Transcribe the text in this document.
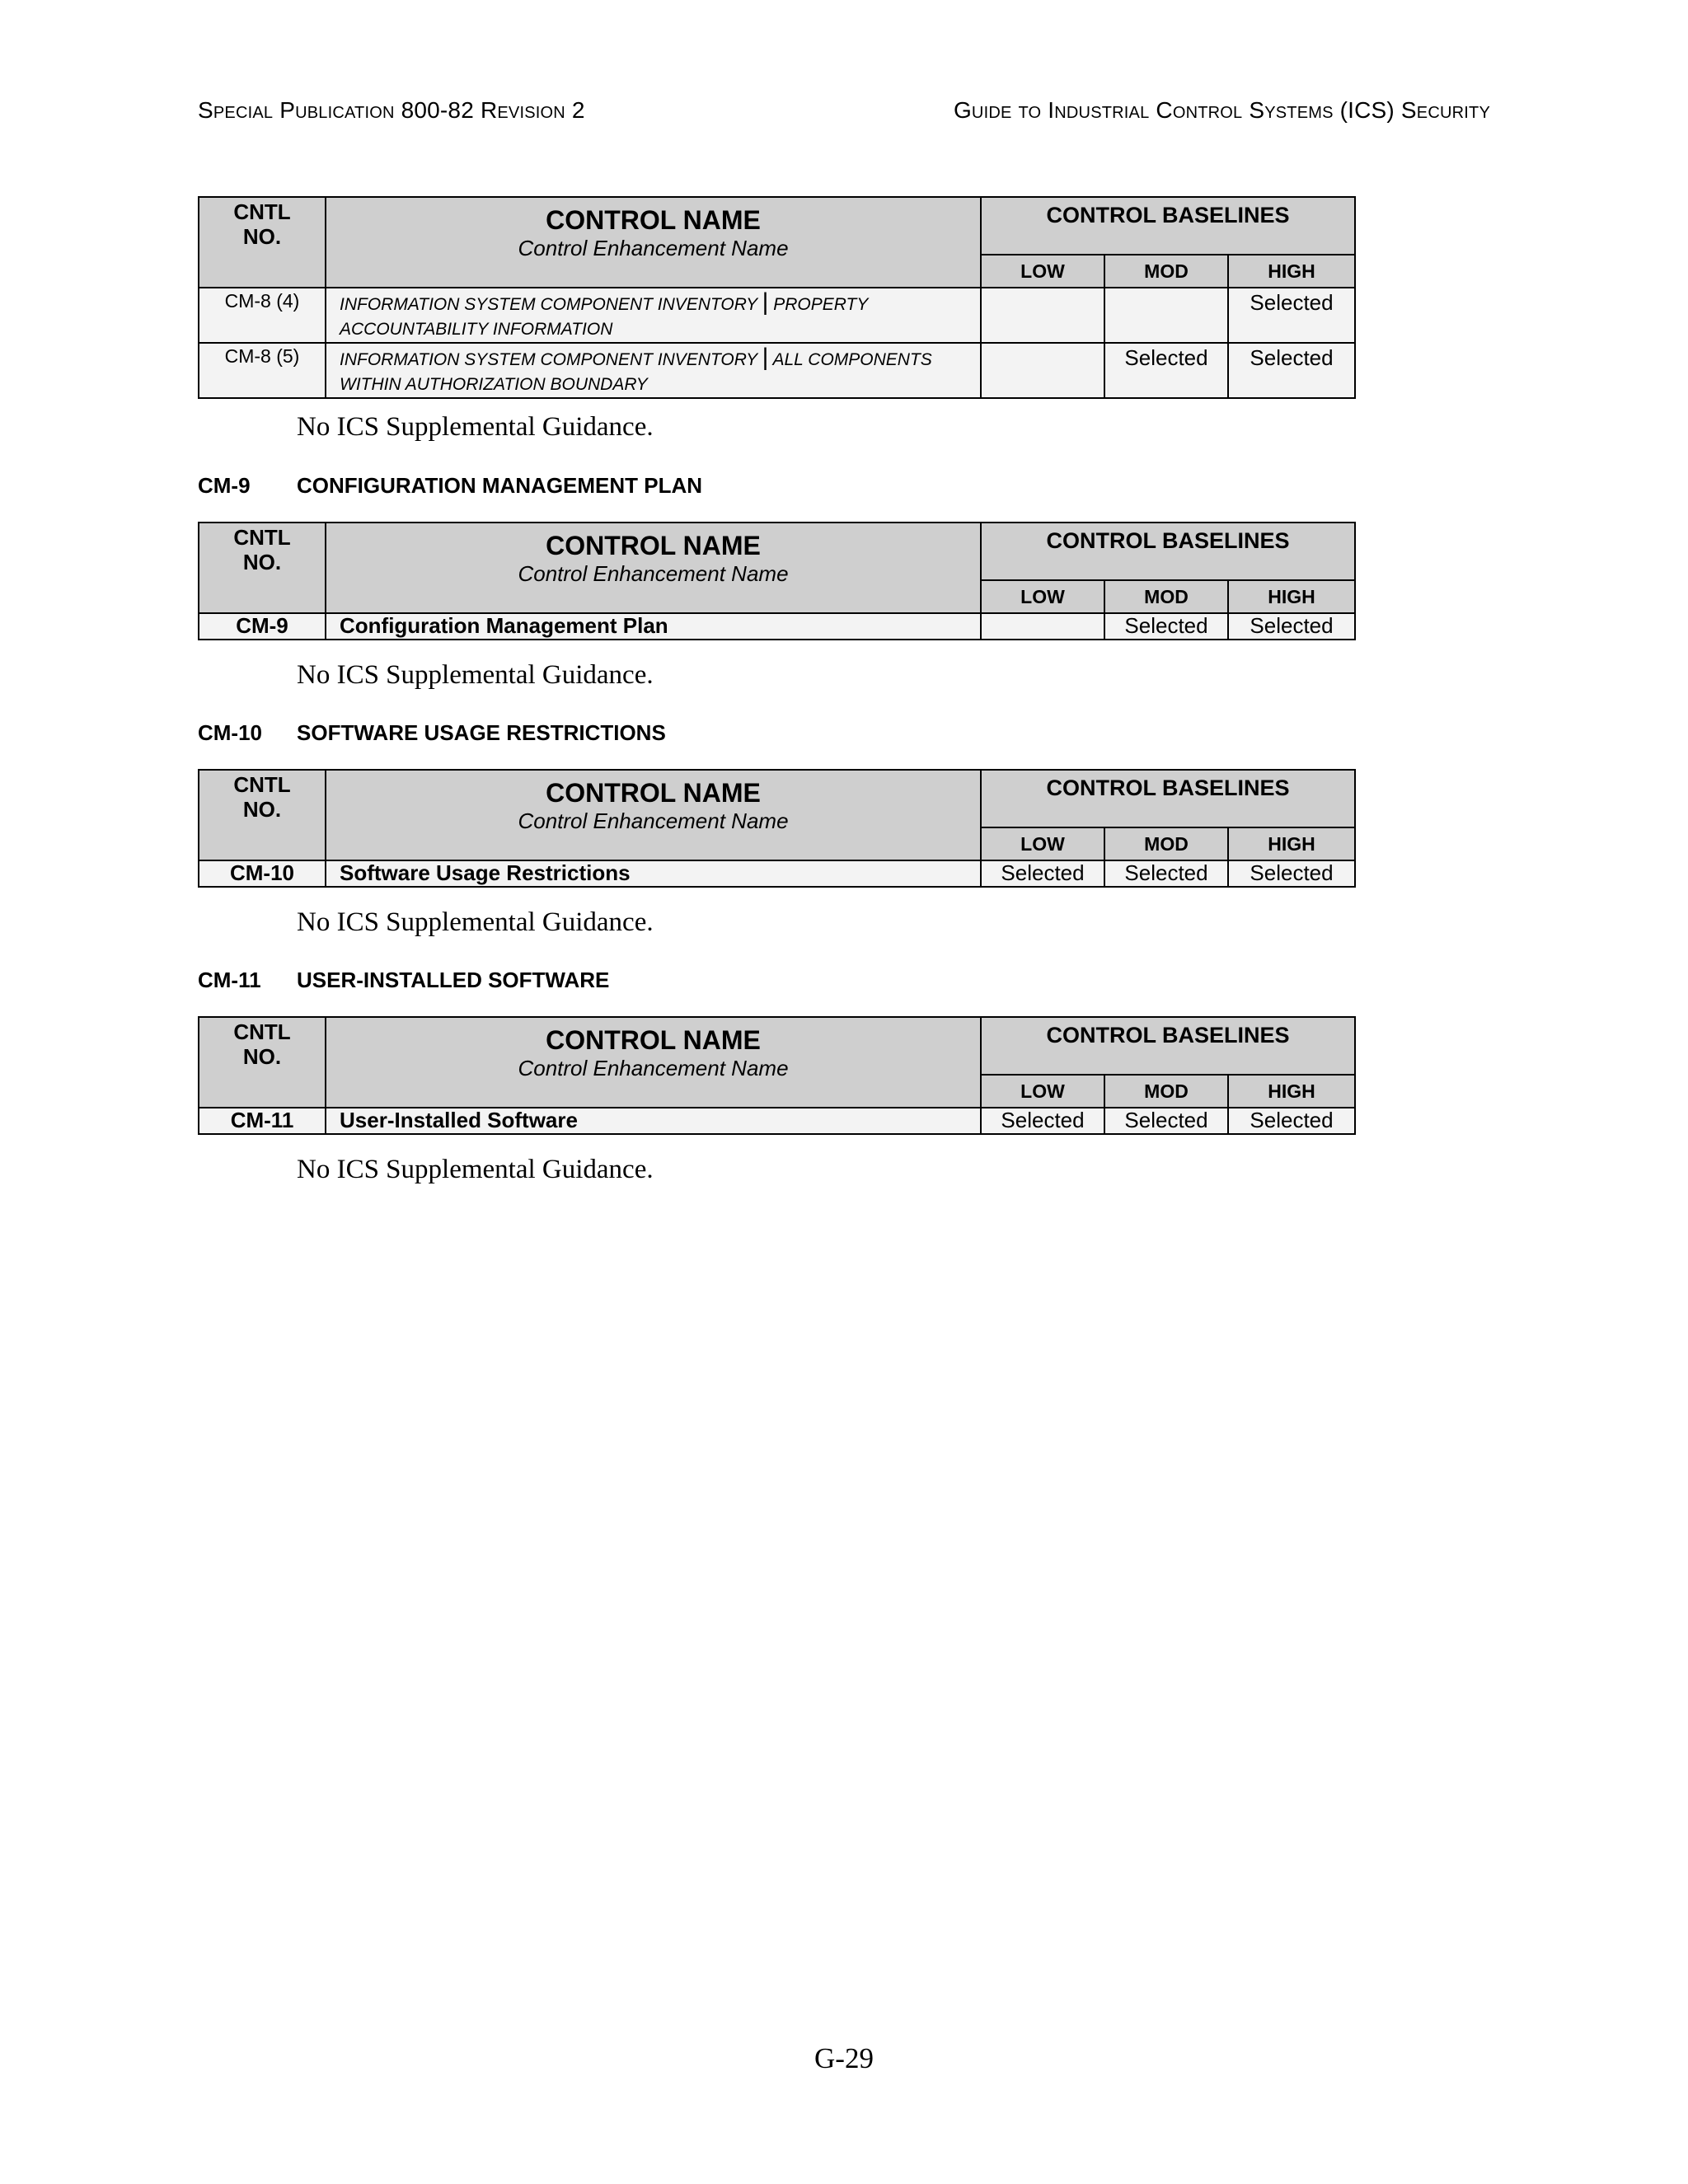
Special Publication 800-82 Revision 2	Guide to Industrial Control Systems (ICS) Security
CNTL
NO.	CONTROL NAME
Control Enhancement Name	CONTROL BASELINES		
		LOW	MOD	HIGH
CM-8 (4)	INFORMATION SYSTEM COMPONENT INVENTORY | PROPERTY ACCOUNTABILITY INFORMATION			Selected
CM-8 (5)	INFORMATION SYSTEM COMPONENT INVENTORY | ALL COMPONENTS WITHIN AUTHORIZATION BOUNDARY		Selected	Selected
No ICS Supplemental Guidance.
CM-9	CONFIGURATION MANAGEMENT PLAN
CNTL
NO.	CONTROL NAME
Control Enhancement Name	CONTROL BASELINES		
		LOW	MOD	HIGH
CM-9	Configuration Management Plan		Selected	Selected
No ICS Supplemental Guidance.
CM-10	SOFTWARE USAGE RESTRICTIONS
CNTL
NO.	CONTROL NAME
Control Enhancement Name	CONTROL BASELINES		
		LOW	MOD	HIGH
CM-10	Software Usage Restrictions	Selected	Selected	Selected
No ICS Supplemental Guidance.
CM-11	USER-INSTALLED SOFTWARE
CNTL
NO.	CONTROL NAME
Control Enhancement Name	CONTROL BASELINES		
		LOW	MOD	HIGH
CM-11	User-Installed Software	Selected	Selected	Selected
No ICS Supplemental Guidance.
G-29
